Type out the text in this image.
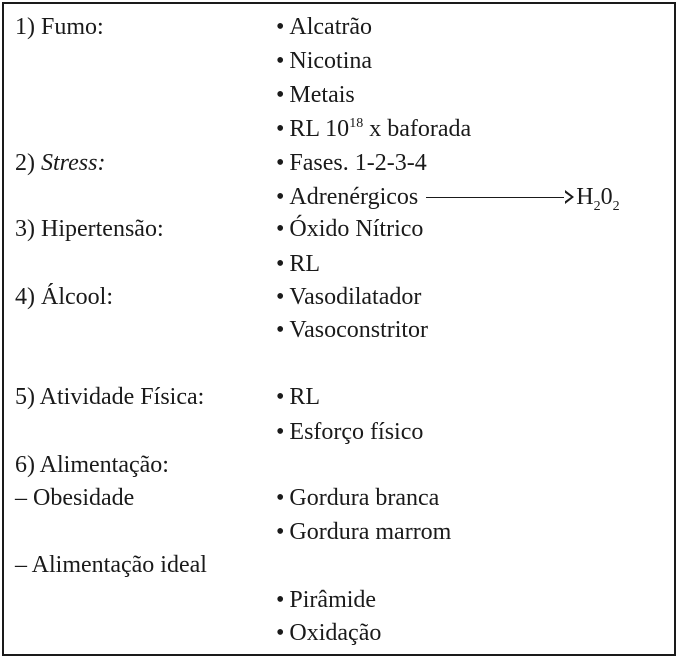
1) Fumo:	• Alcatrão
• Nicotina
• Metais
• RL $10^{18}$ x baforada
2) Stress:	• Fases. 1-2-3-4
• Adrenérgicos	$H_20_2$
3) Hipertensão:	• Óxido Nítrico
• RL
4) Álcool:	• Vasodilatador
• Vasoconstritor
5) Atividade Física:	• RL
• Esforço físico
6) Alimentação:
– Obesidade	• Gordura branca
• Gordura marrom
– Alimentação ideal
• Pirâmide
• Oxidação
